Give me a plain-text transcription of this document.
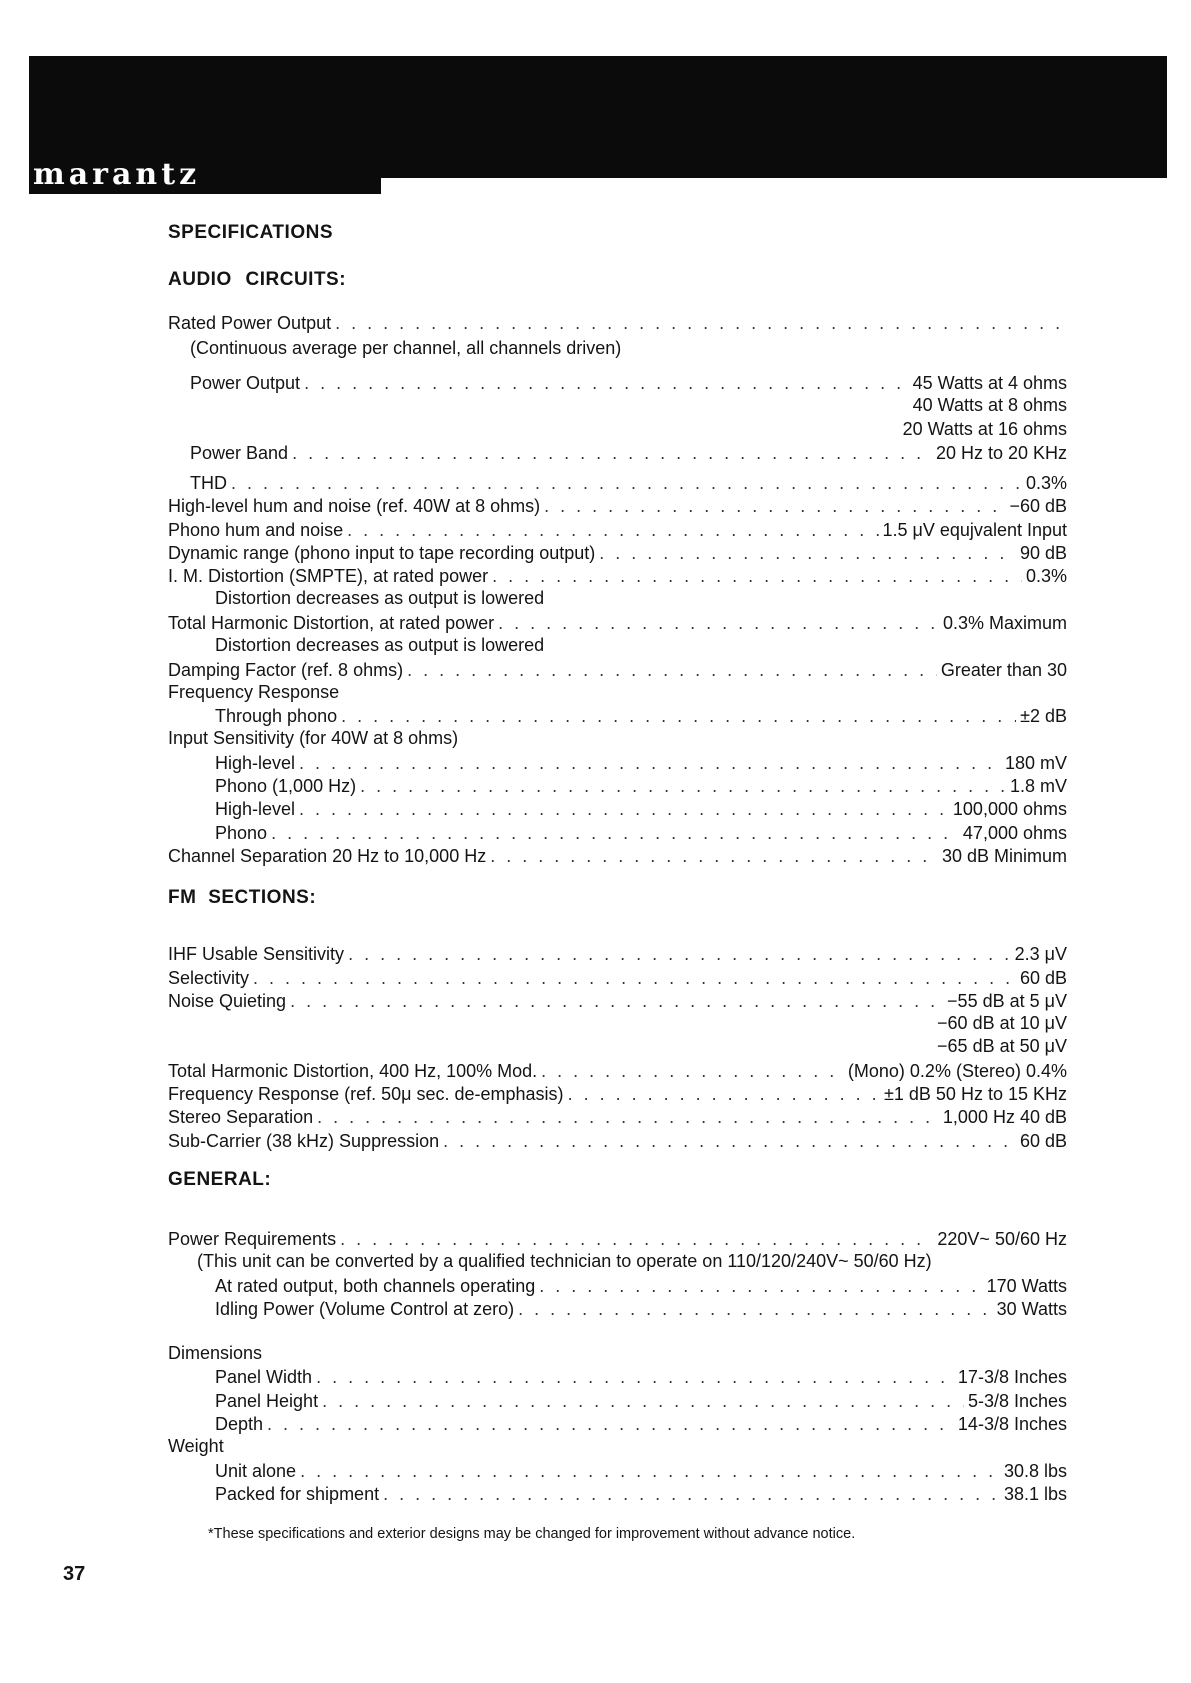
marantz
SPECIFICATIONS
AUDIO CIRCUITS:
Rated Power Output
. . .
(Continuous average per channel, all channels driven)
Power Output . . .	45 Watts at 4 ohms
40 Watts at 8 ohms
20 Watts at 16 ohms
Power Band . . .	20 Hz to 20 KHz
THD . . .	0.3%
High-level hum and noise (ref. 40W at 8 ohms) . . .	−60 dB
Phono hum and noise . . .	1.5 μV equjvalent Input
Dynamic range (phono input to tape recording output) . . .	90 dB
I. M. Distortion (SMPTE), at rated power . . .	0.3%
Distortion decreases as output is lowered
Total Harmonic Distortion, at rated power . . .	0.3% Maximum
Distortion decreases as output is lowered
Damping Factor (ref. 8 ohms) . . .	Greater than 30
Frequency Response
Through phono . . .	±2 dB
Input Sensitivity (for 40W at 8 ohms)
High-level . . .	180 mV
Phono (1,000 Hz) . . .	1.8 mV
High-level . . .	100,000 ohms
Phono . . .	47,000 ohms
Channel Separation 20 Hz to 10,000 Hz . . .	30 dB Minimum
FM SECTIONS:
IHF Usable Sensitivity . . .	2.3 μV
Selectivity . . .	60 dB
Noise Quieting . . .	−55 dB at 5 μV
−60 dB at 10 μV
−65 dB at 50 μV
Total Harmonic Distortion, 400 Hz, 100% Mod. . . .	(Mono) 0.2% (Stereo) 0.4%
Frequency Response (ref. 50μ sec. de-emphasis) . . .	±1 dB 50 Hz to 15 KHz
Stereo Separation . . .	1,000 Hz 40 dB
Sub-Carrier (38 kHz) Suppression . . .	60 dB
GENERAL:
Power Requirements . . .	220V~ 50/60 Hz
(This unit can be converted by a qualified technician to operate on 110/120/240V~ 50/60 Hz)
At rated output, both channels operating . . .	170 Watts
Idling Power (Volume Control at zero) . . .	30 Watts
Dimensions
Panel Width . . .	17-3/8 Inches
Panel Height . . .	5-3/8 Inches
Depth . . .	14-3/8 Inches
Weight
Unit alone . . .	30.8 lbs
Packed for shipment . . .	38.1 lbs
*These specifications and exterior designs may be changed for improvement without advance notice.
37
